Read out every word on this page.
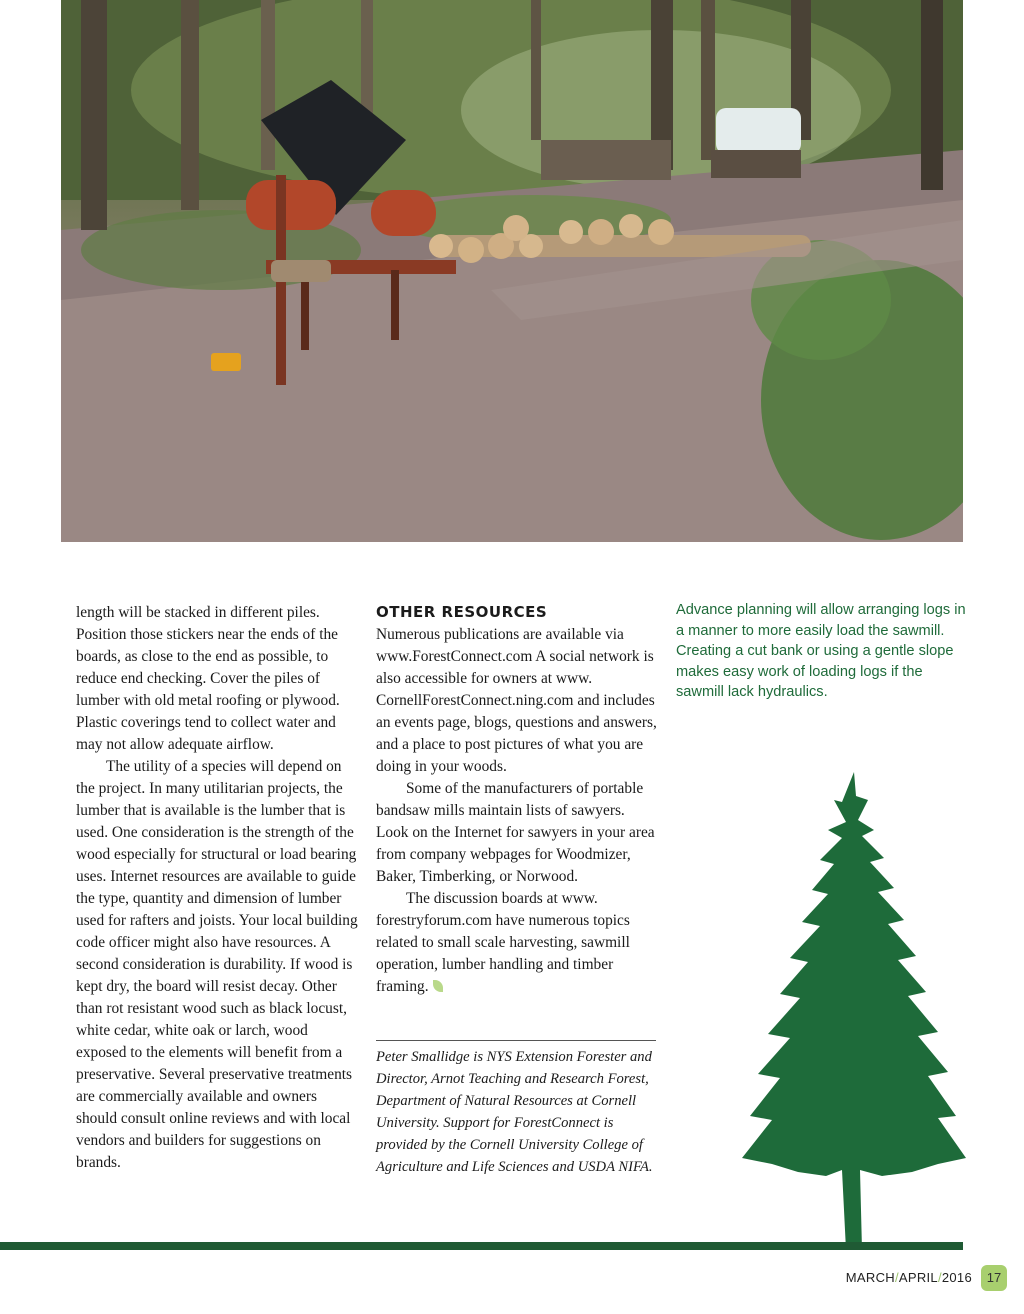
length will be stacked in different piles. Position those stickers near the ends of the boards, as close to the end as possible, to reduce end checking. Cover the piles of lumber with old metal roofing or plywood. Plastic coverings tend to collect water and may not allow adequate airflow.

The utility of a species will depend on the project. In many utilitarian projects, the lumber that is available is the lumber that is used. One consideration is the strength of the wood especially for structural or load bearing uses. Internet resources are available to guide the type, quantity and dimension of lumber used for rafters and joists. Your local building code officer might also have resources. A second consideration is durability. If wood is kept dry, the board will resist decay. Other than rot resistant wood such as black locust, white cedar, white oak or larch, wood exposed to the elements will benefit from a preservative. Several preservative treatments are commercially available and owners should consult online reviews and with local vendors and builders for suggestions on brands.

OTHER RESOURCES

Numerous publications are available via www.ForestConnect.com A social network is also accessible for owners at www. CornellForestConnect.ning.com and includes an events page, blogs, questions and answers, and a place to post pictures of what you are doing in your woods.

Some of the manufacturers of portable bandsaw mills maintain lists of sawyers. Look on the Internet for sawyers in your area from company webpages for Woodmizer, Baker, Timberking, or Norwood.

The discussion boards at www. forestryforum.com have numerous topics related to small scale harvesting, sawmill operation, lumber handling and timber framing.

Peter Smallidge is NYS Extension Forester and Director, Arnot Teaching and Research Forest, Department of Natural Resources at Cornell University. Support for ForestConnect is provided by the Cornell University College of Agriculture and Life Sciences and USDA NIFA.
Advance planning will allow arranging logs in a manner to more easily load the sawmill. Creating a cut bank or using a gentle slope makes easy work of loading logs if the sawmill lack hydraulics.
MARCH/APRIL/2016	17
